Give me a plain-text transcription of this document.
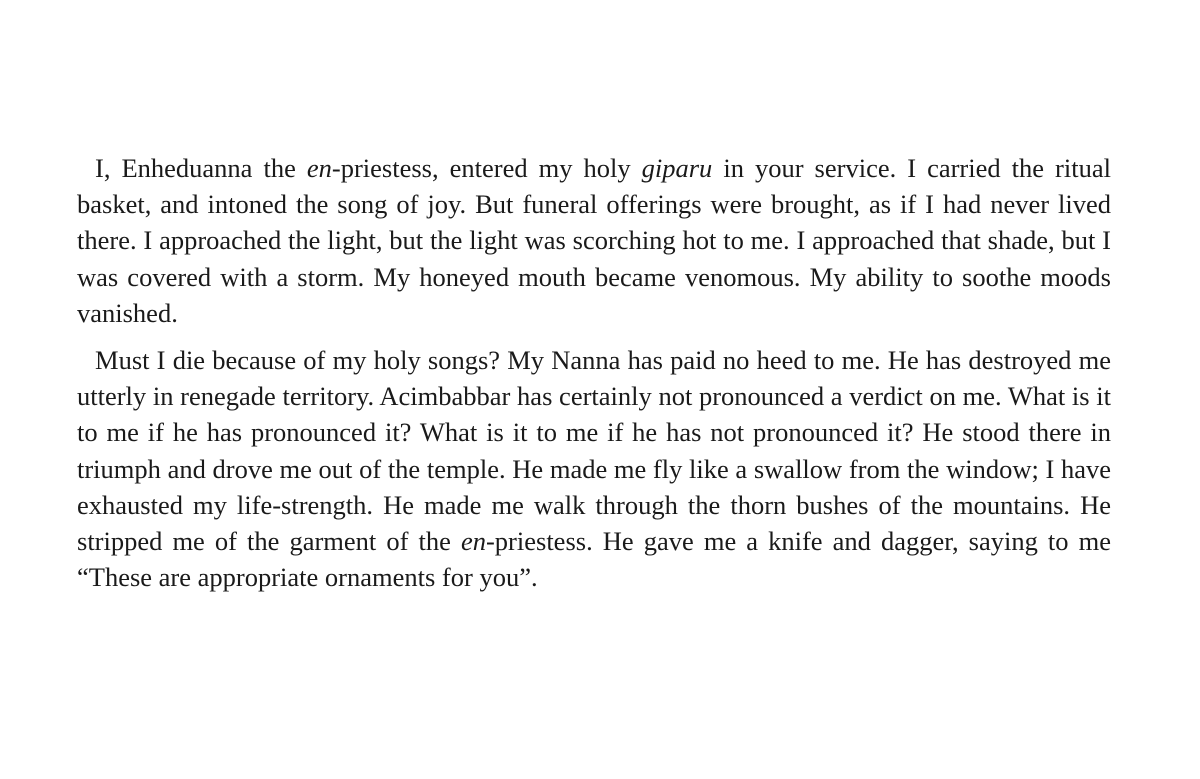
I, Enheduanna the en-priestess, entered my holy giparu in your service. I carried the ritual basket, and intoned the song of joy. But funeral offerings were brought, as if I had never lived there. I approached the light, but the light was scorching hot to me. I approached that shade, but I was covered with a storm. My honeyed mouth became venomous. My ability to soothe moods vanished.

Must I die because of my holy songs? My Nanna has paid no heed to me. He has destroyed me utterly in renegade territory. Acimbabbar has certainly not pronounced a verdict on me. What is it to me if he has pronounced it? What is it to me if he has not pronounced it? He stood there in triumph and drove me out of the temple. He made me fly like a swallow from the window; I have exhausted my life-strength. He made me walk through the thorn bushes of the mountains. He stripped me of the garment of the en-priestess. He gave me a knife and dagger, saying to me “These are appropriate ornaments for you”.
